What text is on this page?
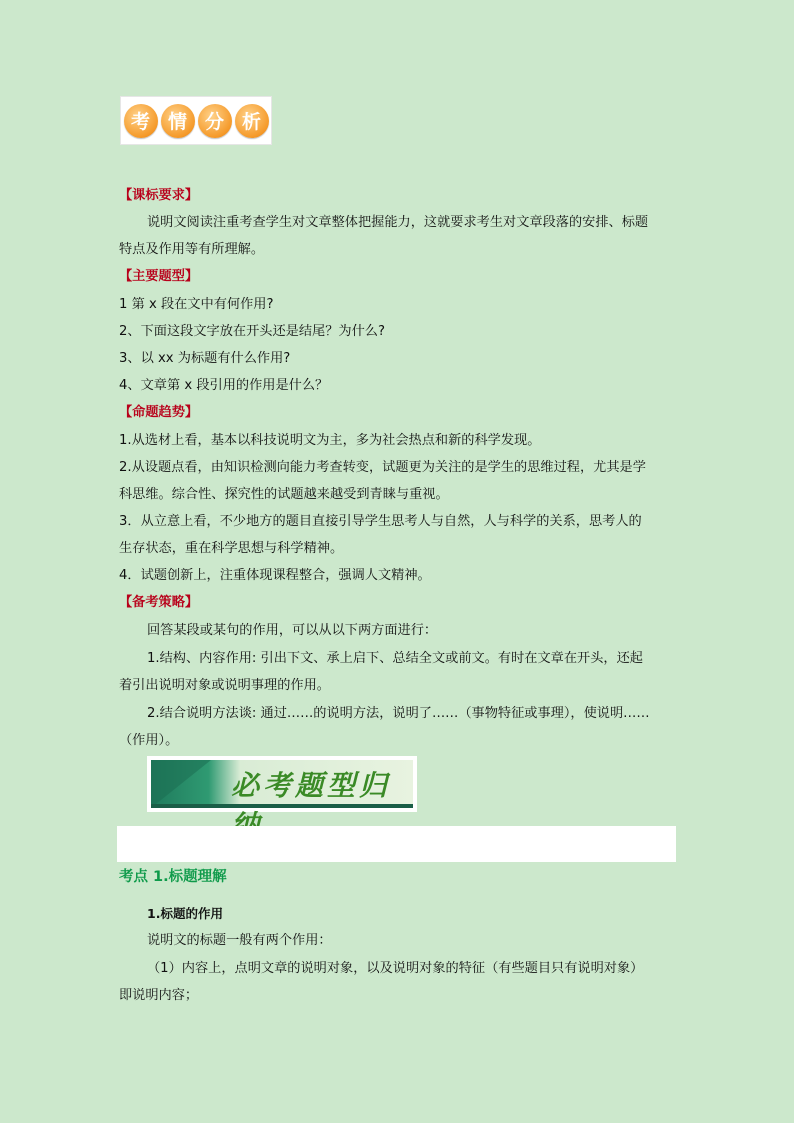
考 情 分 析
【课标要求】
说明文阅读注重考查学生对文章整体把握能力，这就要求考生对文章段落的安排、标题
特点及作用等有所理解。
【主要题型】
1 第 x 段在文中有何作用?
2、下面这段文字放在开头还是结尾？为什么?
3、以 xx 为标题有什么作用?
4、文章第 x 段引用的作用是什么？
【命题趋势】
1.从选材上看，基本以科技说明文为主，多为社会热点和新的科学发现。
2.从设题点看，由知识检测向能力考查转变，试题更为关注的是学生的思维过程，尤其是学
科思维。综合性、探究性的试题越来越受到青睐与重视。
3．从立意上看，不少地方的题目直接引导学生思考人与自然，人与科学的关系，思考人的
生存状态，重在科学思想与科学精神。
4．试题创新上，注重体现课程整合，强调人文精神。
【备考策略】
回答某段或某句的作用，可以从以下两方面进行：
1.结构、内容作用: 引出下文、承上启下、总结全文或前文。有时在文章在开头，还起
着引出说明对象或说明事理的作用。
2.结合说明方法谈: 通过……的说明方法，说明了……（事物特征或事理），使说明……
（作用）。
必考题型归
考点 1.标题理解
1.标题的作用
说明文的标题一般有两个作用：
（1）内容上，点明文章的说明对象，以及说明对象的特征（有些题目只有说明对象）
即说明内容；
